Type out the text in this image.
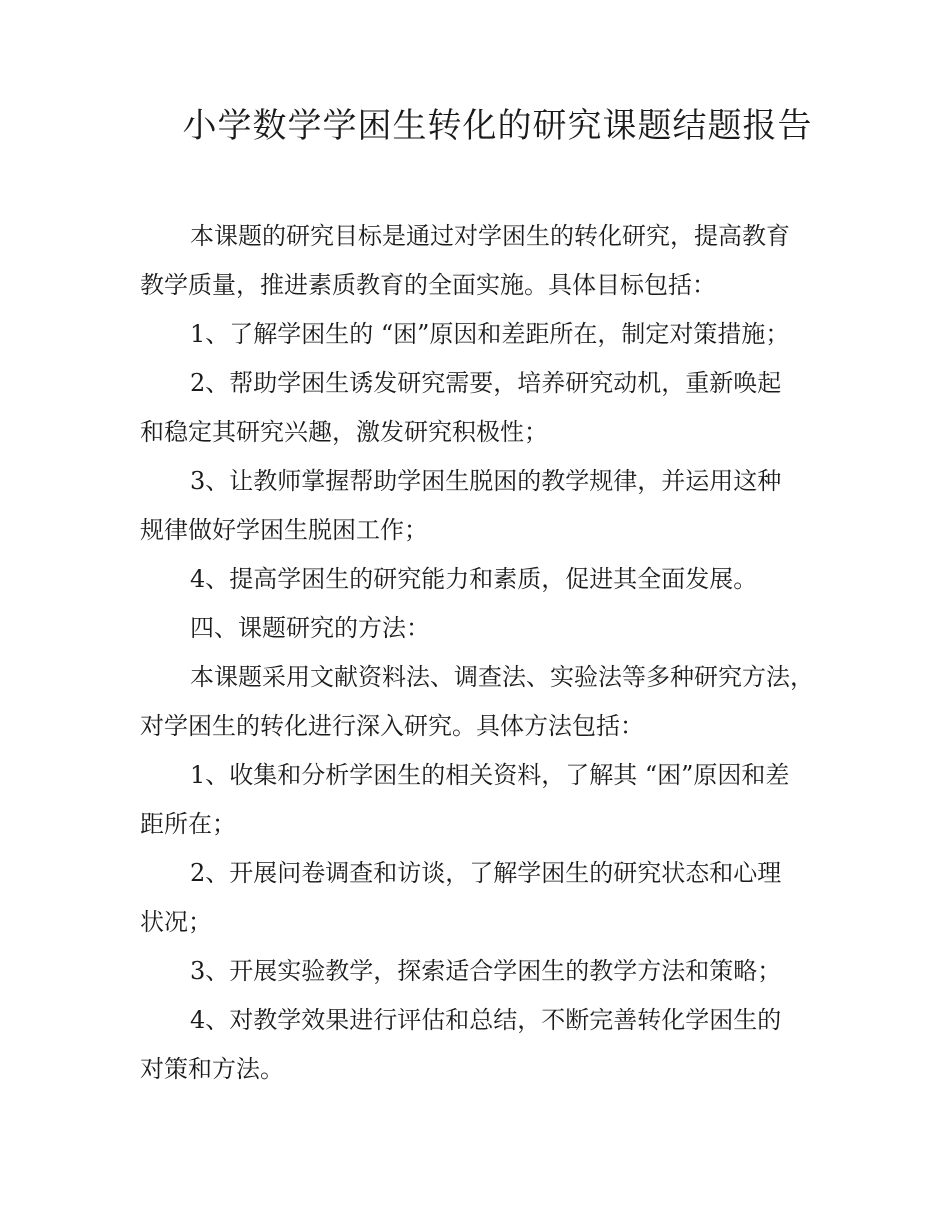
小学数学学困生转化的研究课题结题报告
本课题的研究目标是通过对学困生的转化研究，提高教育
教学质量，推进素质教育的全面实施。具体目标包括：
1、了解学困生的 “困”原因和差距所在，制定对策措施；
2、帮助学困生诱发研究需要，培养研究动机，重新唤起
和稳定其研究兴趣，激发研究积极性；
3、让教师掌握帮助学困生脱困的教学规律，并运用这种
规律做好学困生脱困工作；
4、提高学困生的研究能力和素质，促进其全面发展。
四、课题研究的方法：
本课题采用文献资料法、调查法、实验法等多种研究方法，
对学困生的转化进行深入研究。具体方法包括：
1、收集和分析学困生的相关资料，了解其 “困”原因和差
距所在；
2、开展问卷调查和访谈，了解学困生的研究状态和心理
状况；
3、开展实验教学，探索适合学困生的教学方法和策略；
4、对教学效果进行评估和总结，不断完善转化学困生的
对策和方法。
